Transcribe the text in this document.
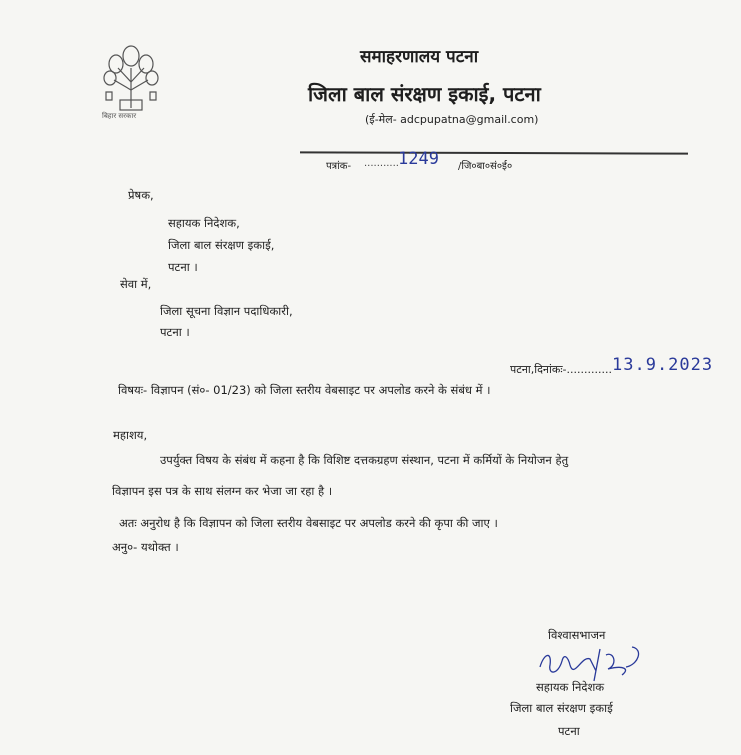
बिहार सरकार
समाहरणालय पटना
जिला बाल संरक्षण इकाई, पटना
(ई-मेल- adcpupatna@gmail.com)
पत्रांक- ........... 1249 /जि०बा०सं०ई०
प्रेषक,
सहायक निदेशक,
जिला बाल संरक्षण इकाई,
पटना ।
सेवा में,
जिला सूचना विज्ञान पदाधिकारी,
पटना ।
पटना,दिनांकः-............. 13.9.2023
विषयः- विज्ञापन (सं०- 01/23) को जिला स्तरीय वेबसाइट पर अपलोड करने के संबंध में ।
महाशय,
उपर्युक्त विषय के संबंध में कहना है कि विशिष्ट दत्तकग्रहण संस्थान, पटना में कर्मियों के नियोजन हेतु
विज्ञापन इस पत्र के साथ संलग्न कर भेजा जा रहा है ।
अतः अनुरोध है कि विज्ञापन को जिला स्तरीय वेबसाइट पर अपलोड करने की कृपा की जाए ।
अनु०- यथोक्त ।
विश्वासभाजन
सहायक निदेशक
जिला बाल संरक्षण इकाई
पटना
